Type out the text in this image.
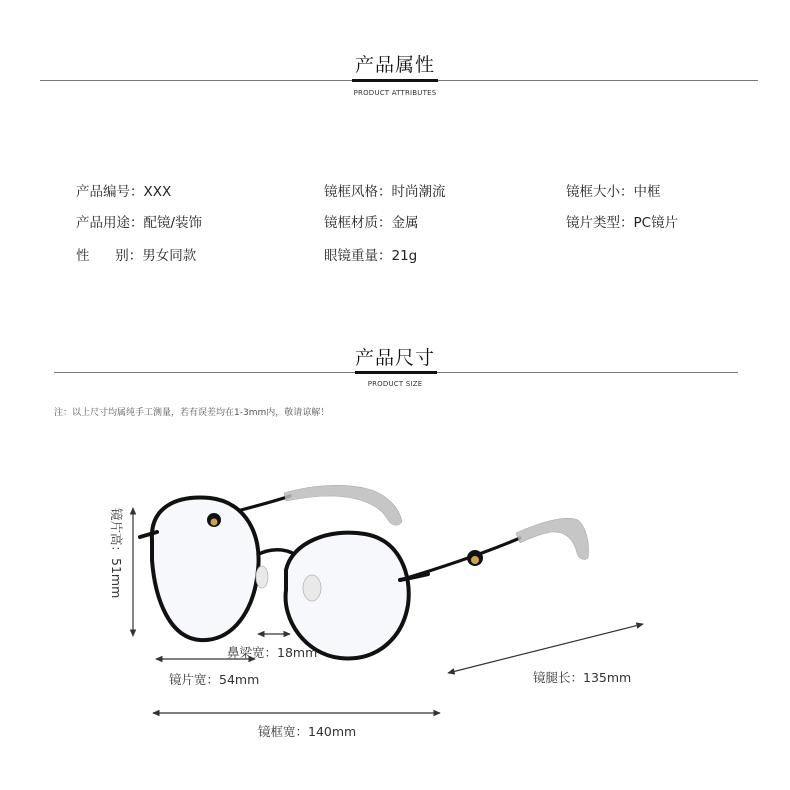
产品属性
PRODUCT ATTRIBUTES
产品编号：XXX	镜框风格：时尚潮流	镜框大小：中框
产品用途：配镜/装饰	镜框材质：金属	镜片类型：PC镜片
性      别：男女同款	眼镜重量：21g
产品尺寸
PRODUCT SIZE
注：以上尺寸均属纯手工测量，若有误差均在1-3mm内，敬请谅解！
镜片高：51mm
鼻梁宽：18mm
镜片宽：54mm	镜腿长：135mm
镜框宽：140mm
